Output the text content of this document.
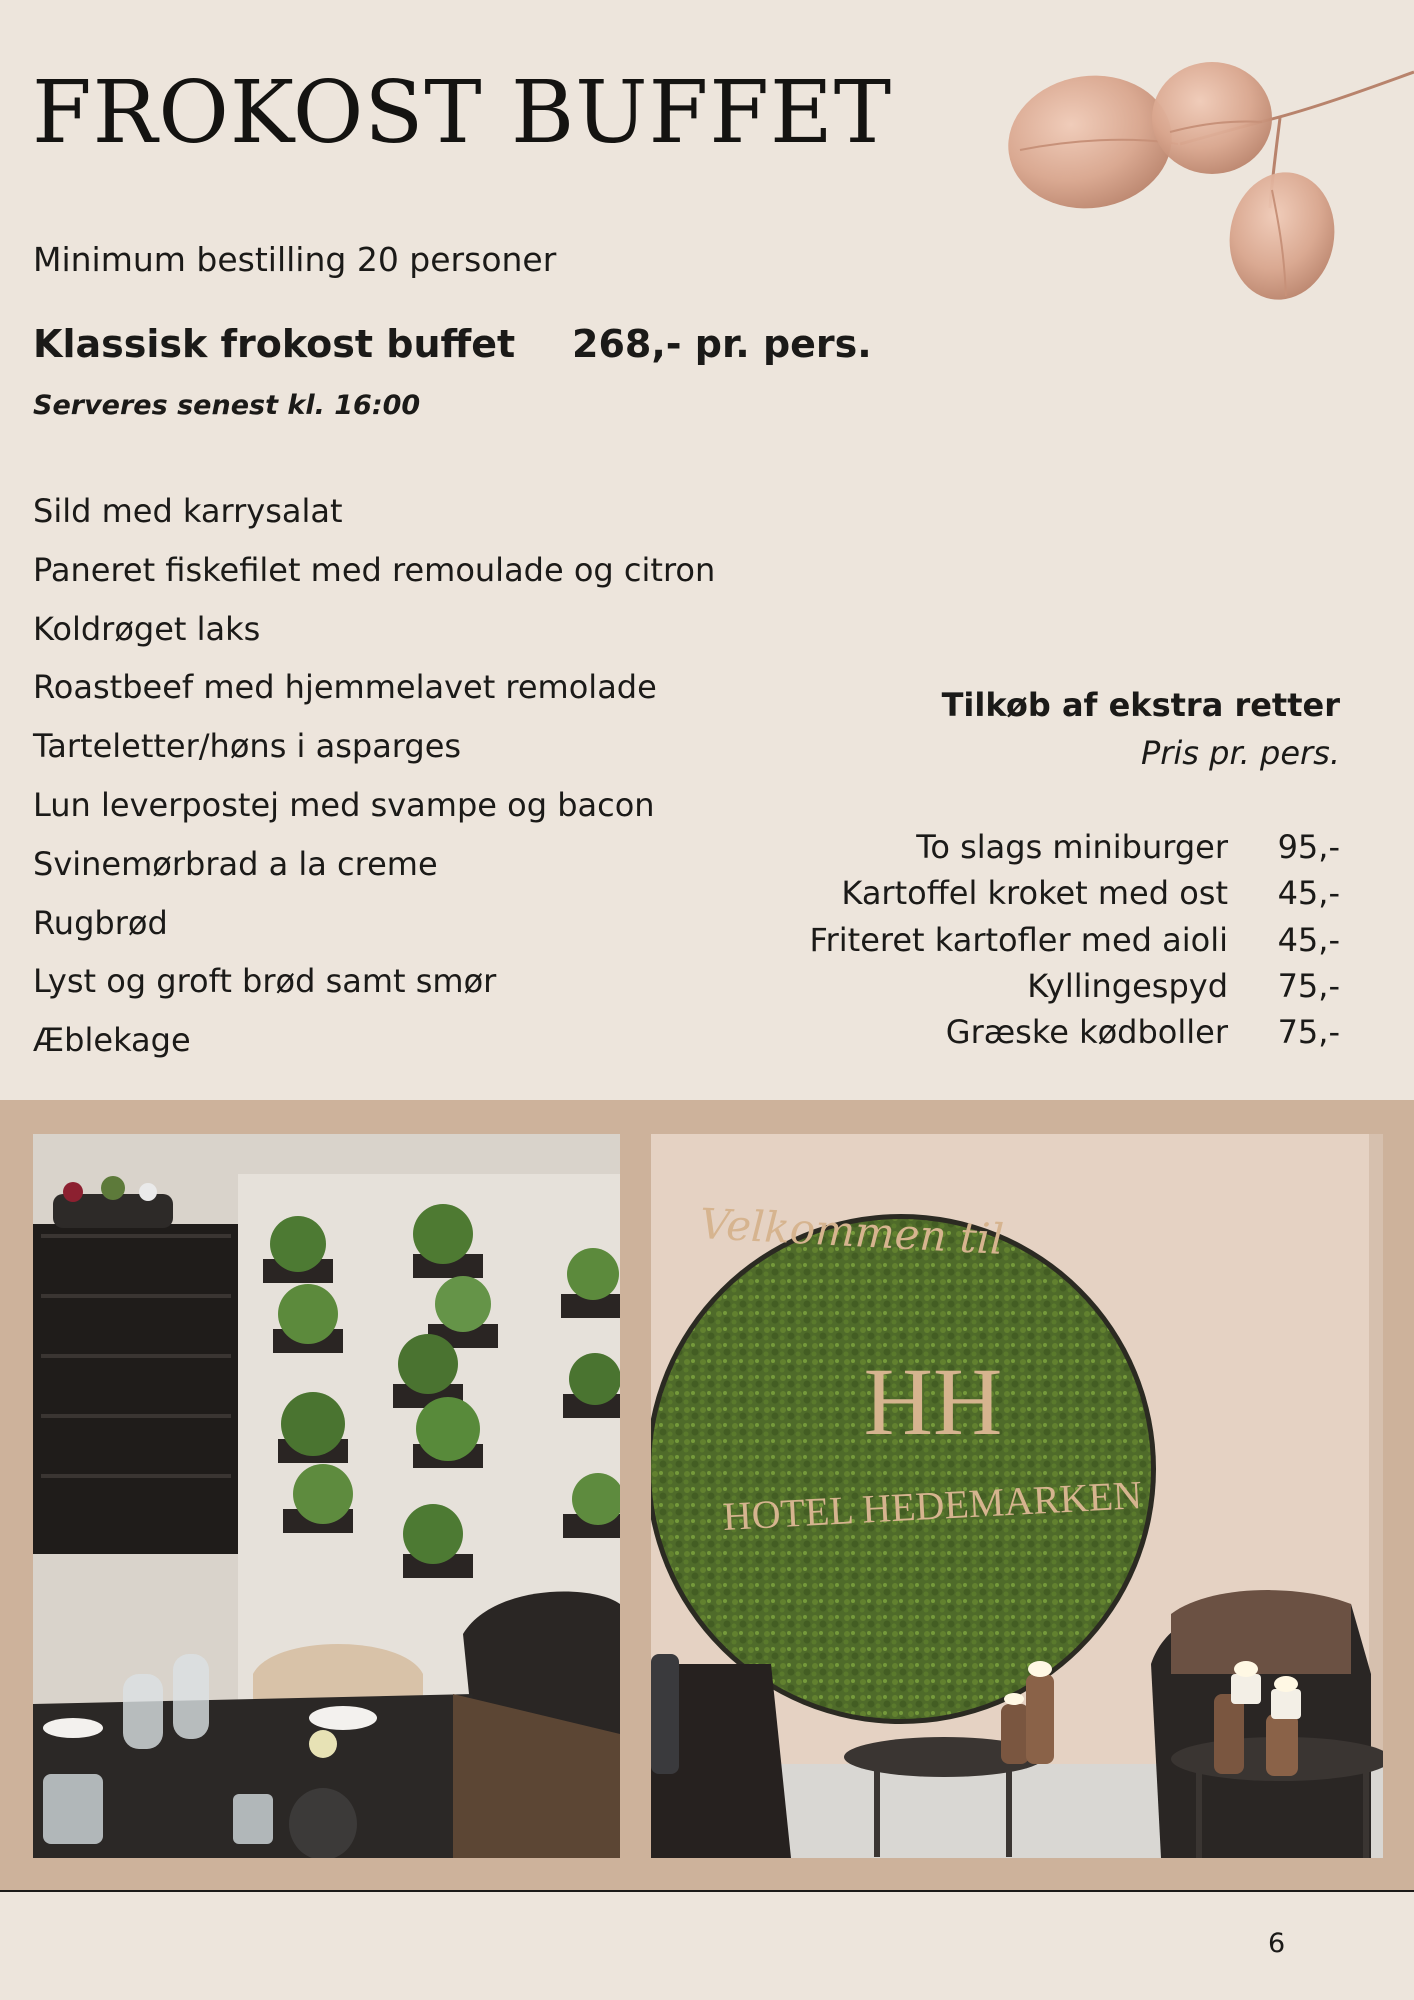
FROKOST BUFFET
Minimum bestilling 20 personer
Klassisk frokost buffet 268,- pr. pers.
Serveres senest kl. 16:00
Sild med karrysalat
Paneret fiskefilet med remoulade og citron
Koldrøget laks
Roastbeef med hjemmelavet remolade
Tarteletter/høns i asparges
Lun leverpostej med svampe og bacon
Svinemørbrad a la creme
Rugbrød
Lyst og groft brød samt smør
Æblekage
Tilkøb af ekstra retter
Pris pr. pers.
To slags miniburger	95,-
Kartoffel kroket med ost	45,-
Friteret kartofler med aioli	45,-
Kyllingespyd	75,-
Græske kødboller	75,-
Velkommen til
HH
HOTEL HEDEMARKEN
6
